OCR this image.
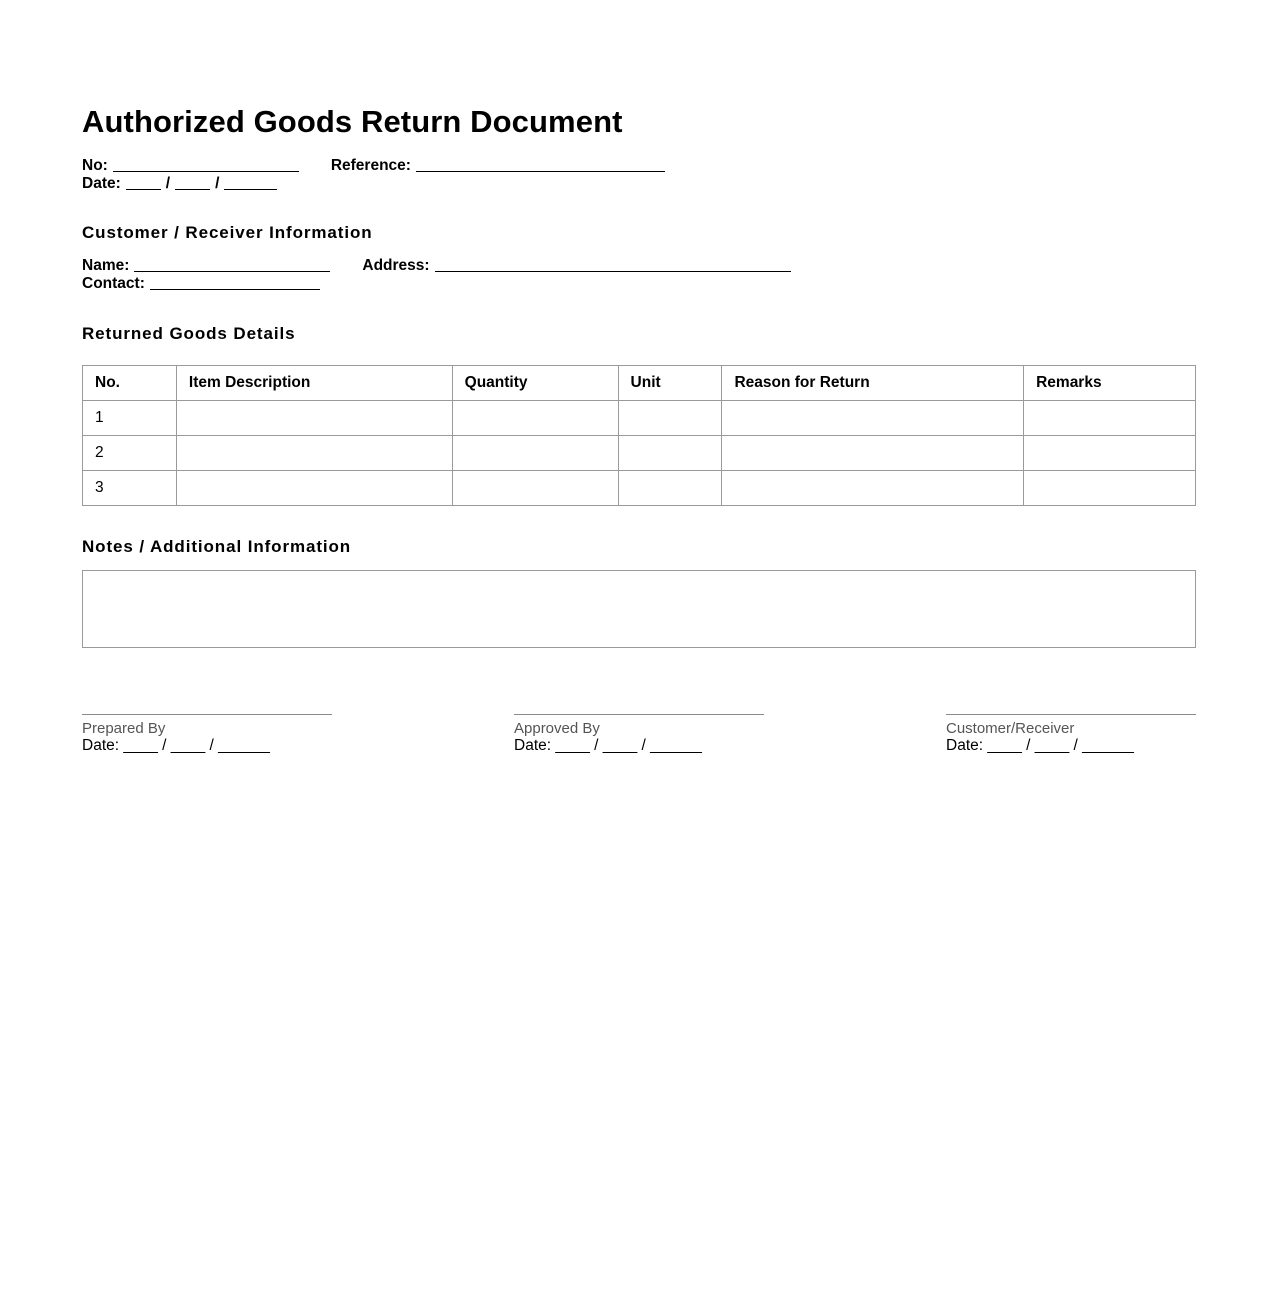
Authorized Goods Return Document
No:	Reference:
Date:	/	/
Customer / Receiver Information
Name:	Address:
Contact:
Returned Goods Details
No.	Item Description	Quantity	Unit	Reason for Return	Remarks
1					
2					
3					
Notes / Additional Information
Prepared By
Date: ____ / ____ / ______
Approved By
Date: ____ / ____ / ______
Customer/Receiver
Date: ____ / ____ / ______
